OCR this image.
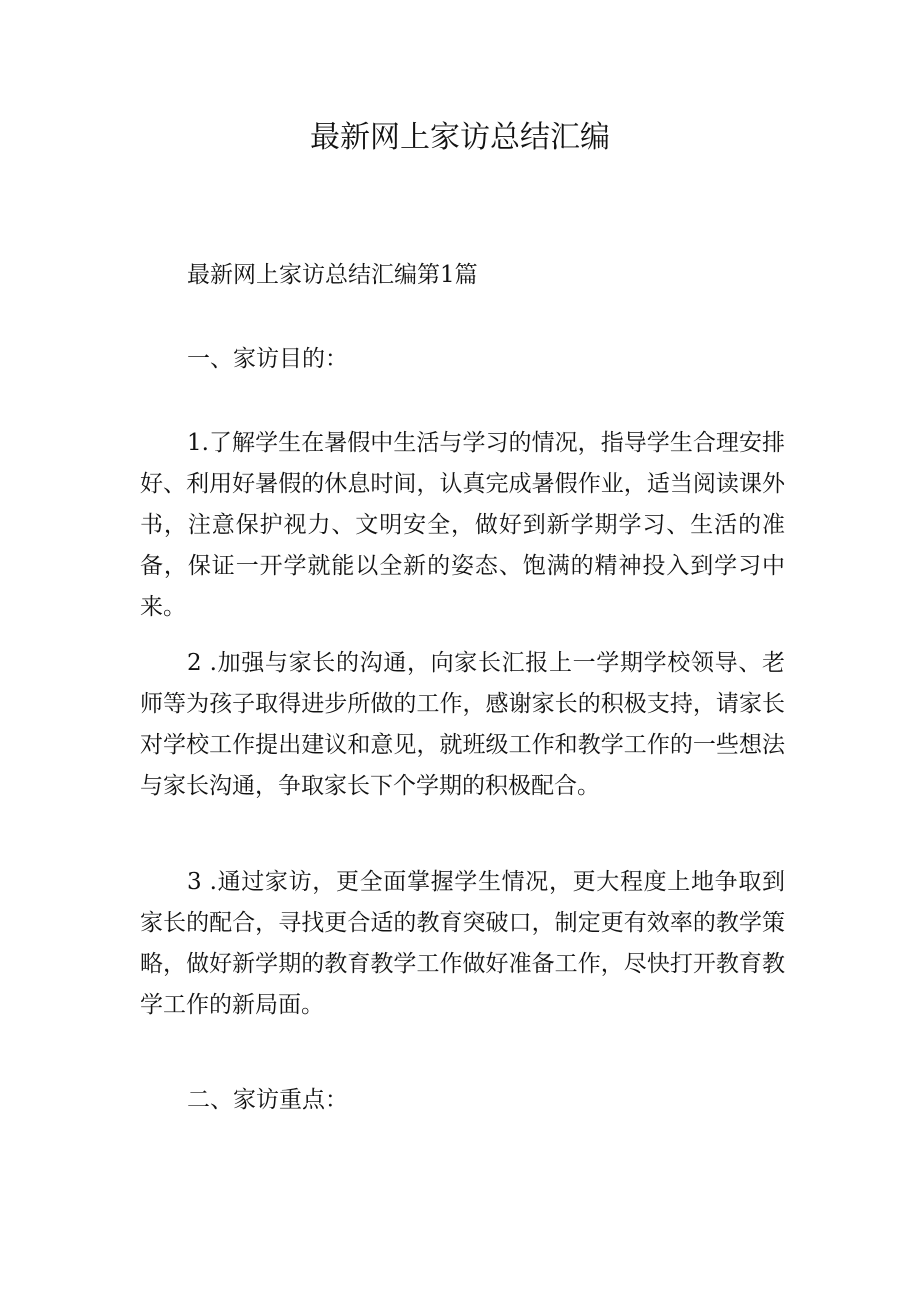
最新网上家访总结汇编

最新网上家访总结汇编第1篇

一、家访目的：

1.了解学生在暑假中生活与学习的情况，指导学生合理安排好、利用好暑假的休息时间，认真完成暑假作业，适当阅读课外书，注意保护视力、文明安全，做好到新学期学习、生活的准备，保证一开学就能以全新的姿态、饱满的精神投入到学习中来。

2 .加强与家长的沟通，向家长汇报上一学期学校领导、老师等为孩子取得进步所做的工作，感谢家长的积极支持，请家长对学校工作提出建议和意见，就班级工作和教学工作的一些想法与家长沟通，争取家长下个学期的积极配合。

3 .通过家访，更全面掌握学生情况，更大程度上地争取到家长的配合，寻找更合适的教育突破口，制定更有效率的教学策略，做好新学期的教育教学工作做好准备工作，尽快打开教育教学工作的新局面。

二、家访重点：
